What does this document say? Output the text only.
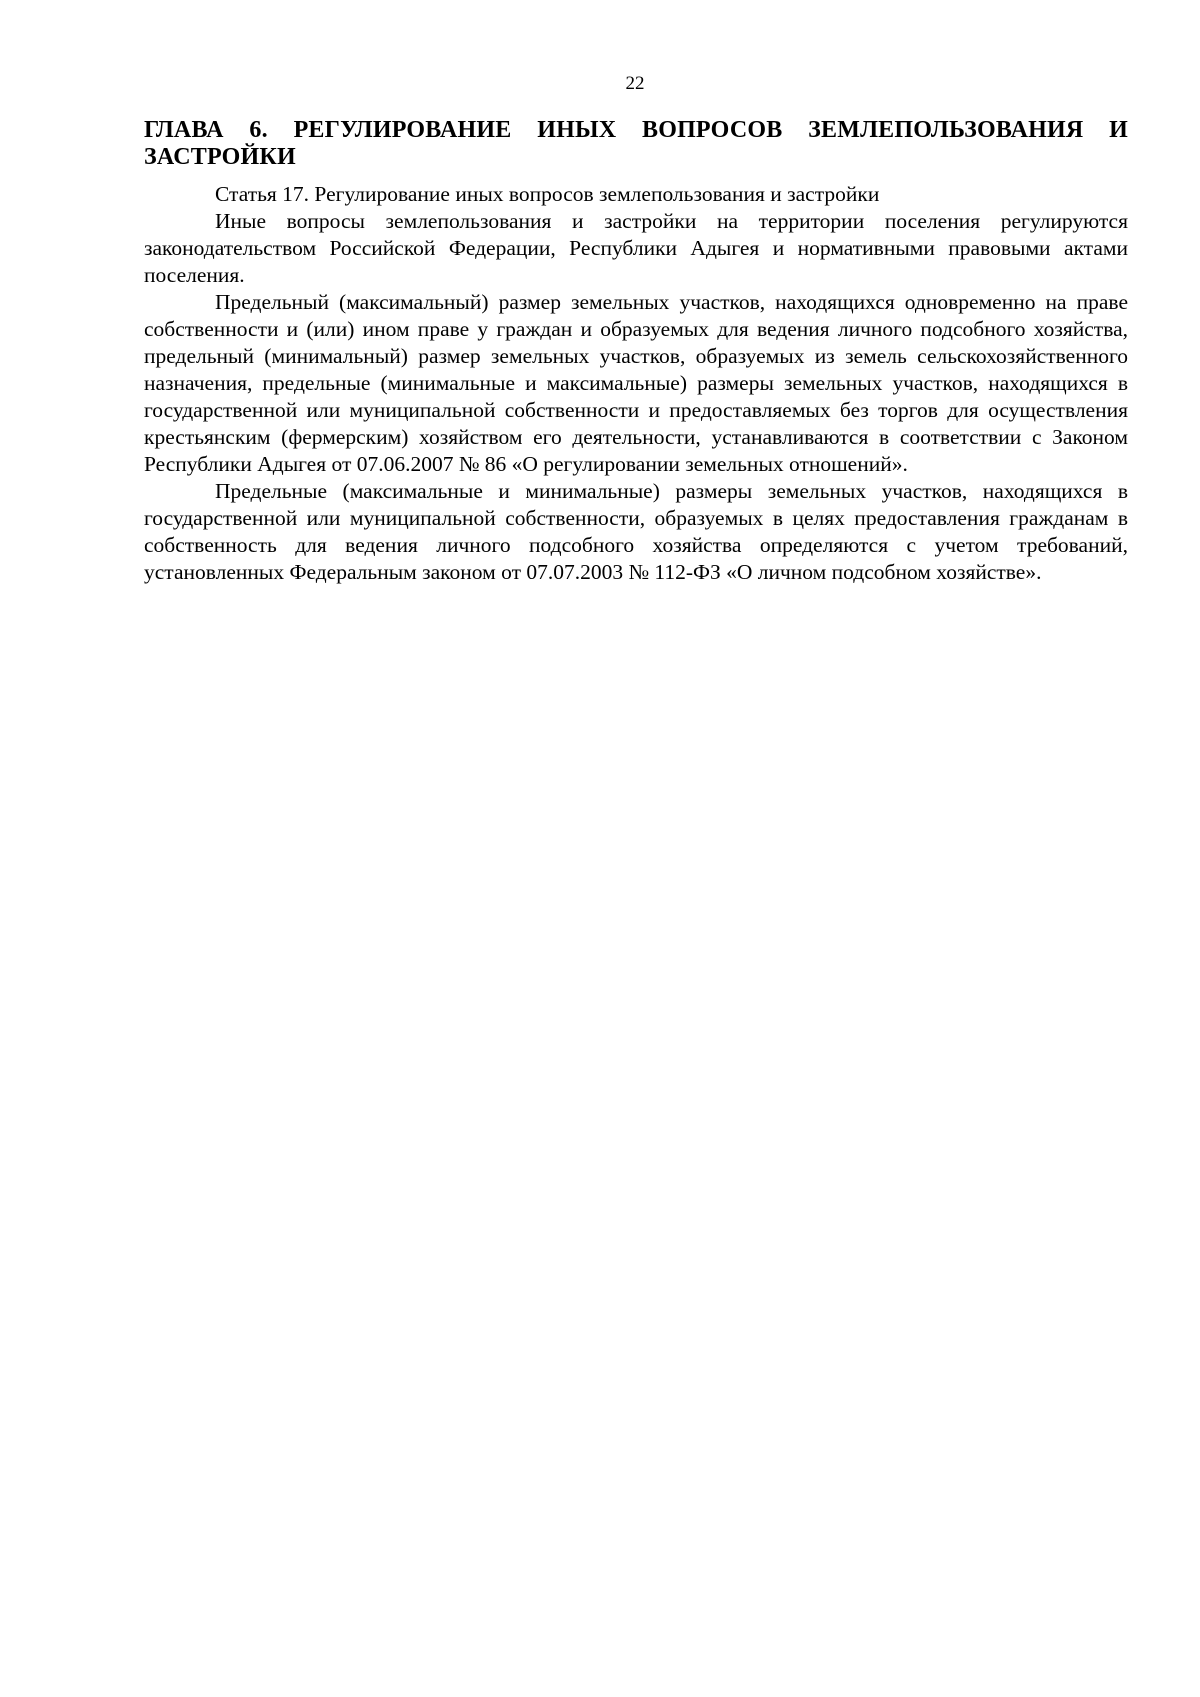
22
ГЛАВА 6. РЕГУЛИРОВАНИЕ ИНЫХ ВОПРОСОВ ЗЕМЛЕПОЛЬЗОВАНИЯ И ЗАСТРОЙКИ

Статья 17. Регулирование иных вопросов землепользования и застройки

Иные вопросы землепользования и застройки на территории поселения регулируются законодательством Российской Федерации, Республики Адыгея и нормативными правовыми актами поселения.

Предельный (максимальный) размер земельных участков, находящихся одновременно на праве собственности и (или) ином праве у граждан и образуемых для ведения личного подсобного хозяйства, предельный (минимальный) размер земельных участков, образуемых из земель сельскохозяйственного назначения, предельные (минимальные и максимальные) размеры земельных участков, находящихся в государственной или муниципальной собственности и предоставляемых без торгов для осуществления крестьянским (фермерским) хозяйством его деятельности, устанавливаются в соответствии с Законом Республики Адыгея от 07.06.2007 № 86 «О регулировании земельных отношений».

Предельные (максимальные и минимальные) размеры земельных участков, находящихся в государственной или муниципальной собственности, образуемых в целях предоставления гражданам в собственность для ведения личного подсобного хозяйства определяются с учетом требований, установленных Федеральным законом от 07.07.2003 № 112-ФЗ «О личном подсобном хозяйстве».
